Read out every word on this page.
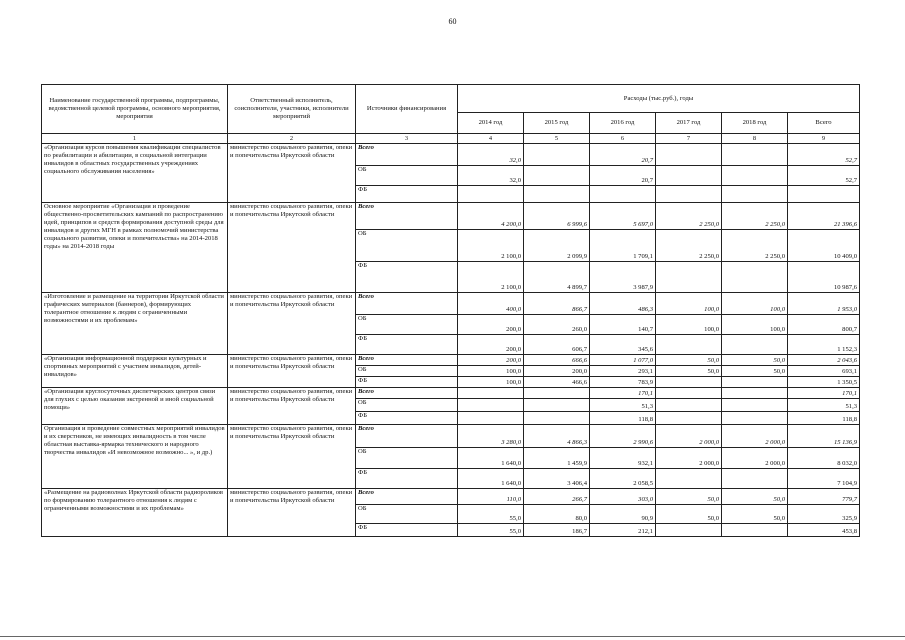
60
Наименование государственной программы, подпрограммы, ведомственной целевой программы, основного мероприятия, мероприятия	Ответственный исполнитель, соисполнители, участники, исполнители мероприятий	Источники финансирования	Расходы (тыс.руб.), годы					
			2014 год	2015 год	2016 год	2017 год	2018 год	Всего
1	2	3	4	5	6	7	8	9
«Организация курсов повышения квалификации специалистов по реабилитации и абилитации, в социальной интеграции инвалидов в областных государственных учреждениях социального обслуживания населения»	министерство социального развития, опеки и попечительства Иркутской области	Всего	32,0		20,7			52,7
		ОБ	32,0		20,7			52,7
		ФБ						
Основное мероприятие «Организация и проведение общественно-просветительских кампаний по распространению идей, принципов и средств формирования доступной среды для инвалидов и других МГН в рамках полномочий министерства социального развития, опеки и попечительства» на 2014-2018 годы» на 2014-2018 годы	министерство социального развития, опеки и попечительства Иркутской области	Всего	4 200,0	6 999,6	5 697,0	2 250,0	2 250,0	21 396,6
		ОБ	2 100,0	2 099,9	1 709,1	2 250,0	2 250,0	10 409,0
		ФБ	2 100,0	4 899,7	3 987,9			10 987,6
«Изготовление и размещение на территории Иркутской области графических материалов (баннеров), формирующих толерантное отношение к людям с ограниченными возможностями и их проблемам»	министерство социального развития, опеки и попечительства Иркутской области	Всего	400,0	866,7	486,3	100,0	100,0	1 953,0
		ОБ	200,0	260,0	140,7	100,0	100,0	800,7
		ФБ	200,0	606,7	345,6			1 152,3
«Организация информационной поддержки культурных и спортивных мероприятий с участием инвалидов, детей-инвалидов»	министерство социального развития, опеки и попечительства Иркутской области	Всего	200,0	666,6	1 077,0	50,0	50,0	2 043,6
		ОБ	100,0	200,0	293,1	50,0	50,0	693,1
		ФБ	100,0	466,6	783,9			1 350,5
«Организация круглосуточных диспетчерских центров связи для глухих с целью оказания экстренной и иной социальной помощи»	министерство социального развития, опеки и попечительства Иркутской области	Всего			170,1			170,1
		ОБ			51,3			51,3
		ФБ			118,8			118,8
Организация и проведение совместных мероприятий инвалидов и их сверстников, не имеющих инвалидность в том числе областная выставка-ярмарка технического и народного творчества инвалидов «И невозможное возможно... », и др.)	министерство социального развития, опеки и попечительства Иркутской области	Всего	3 280,0	4 866,3	2 990,6	2 000,0	2 000,0	15 136,9
		ОБ	1 640,0	1 459,9	932,1	2 000,0	2 000,0	8 032,0
		ФБ	1 640,0	3 406,4	2 058,5			7 104,9
«Размещение на радиоволнах Иркутской области радиороликов по формированию толерантного отношения к людям с ограниченными возможностями и их проблемам»	министерство социального развития, опеки и попечительства Иркутской области	Всего	110,0	266,7	303,0	50,0	50,0	779,7
		ОБ	55,0	80,0	90,9	50,0	50,0	325,9
		ФБ	55,0	186,7	212,1			453,8
